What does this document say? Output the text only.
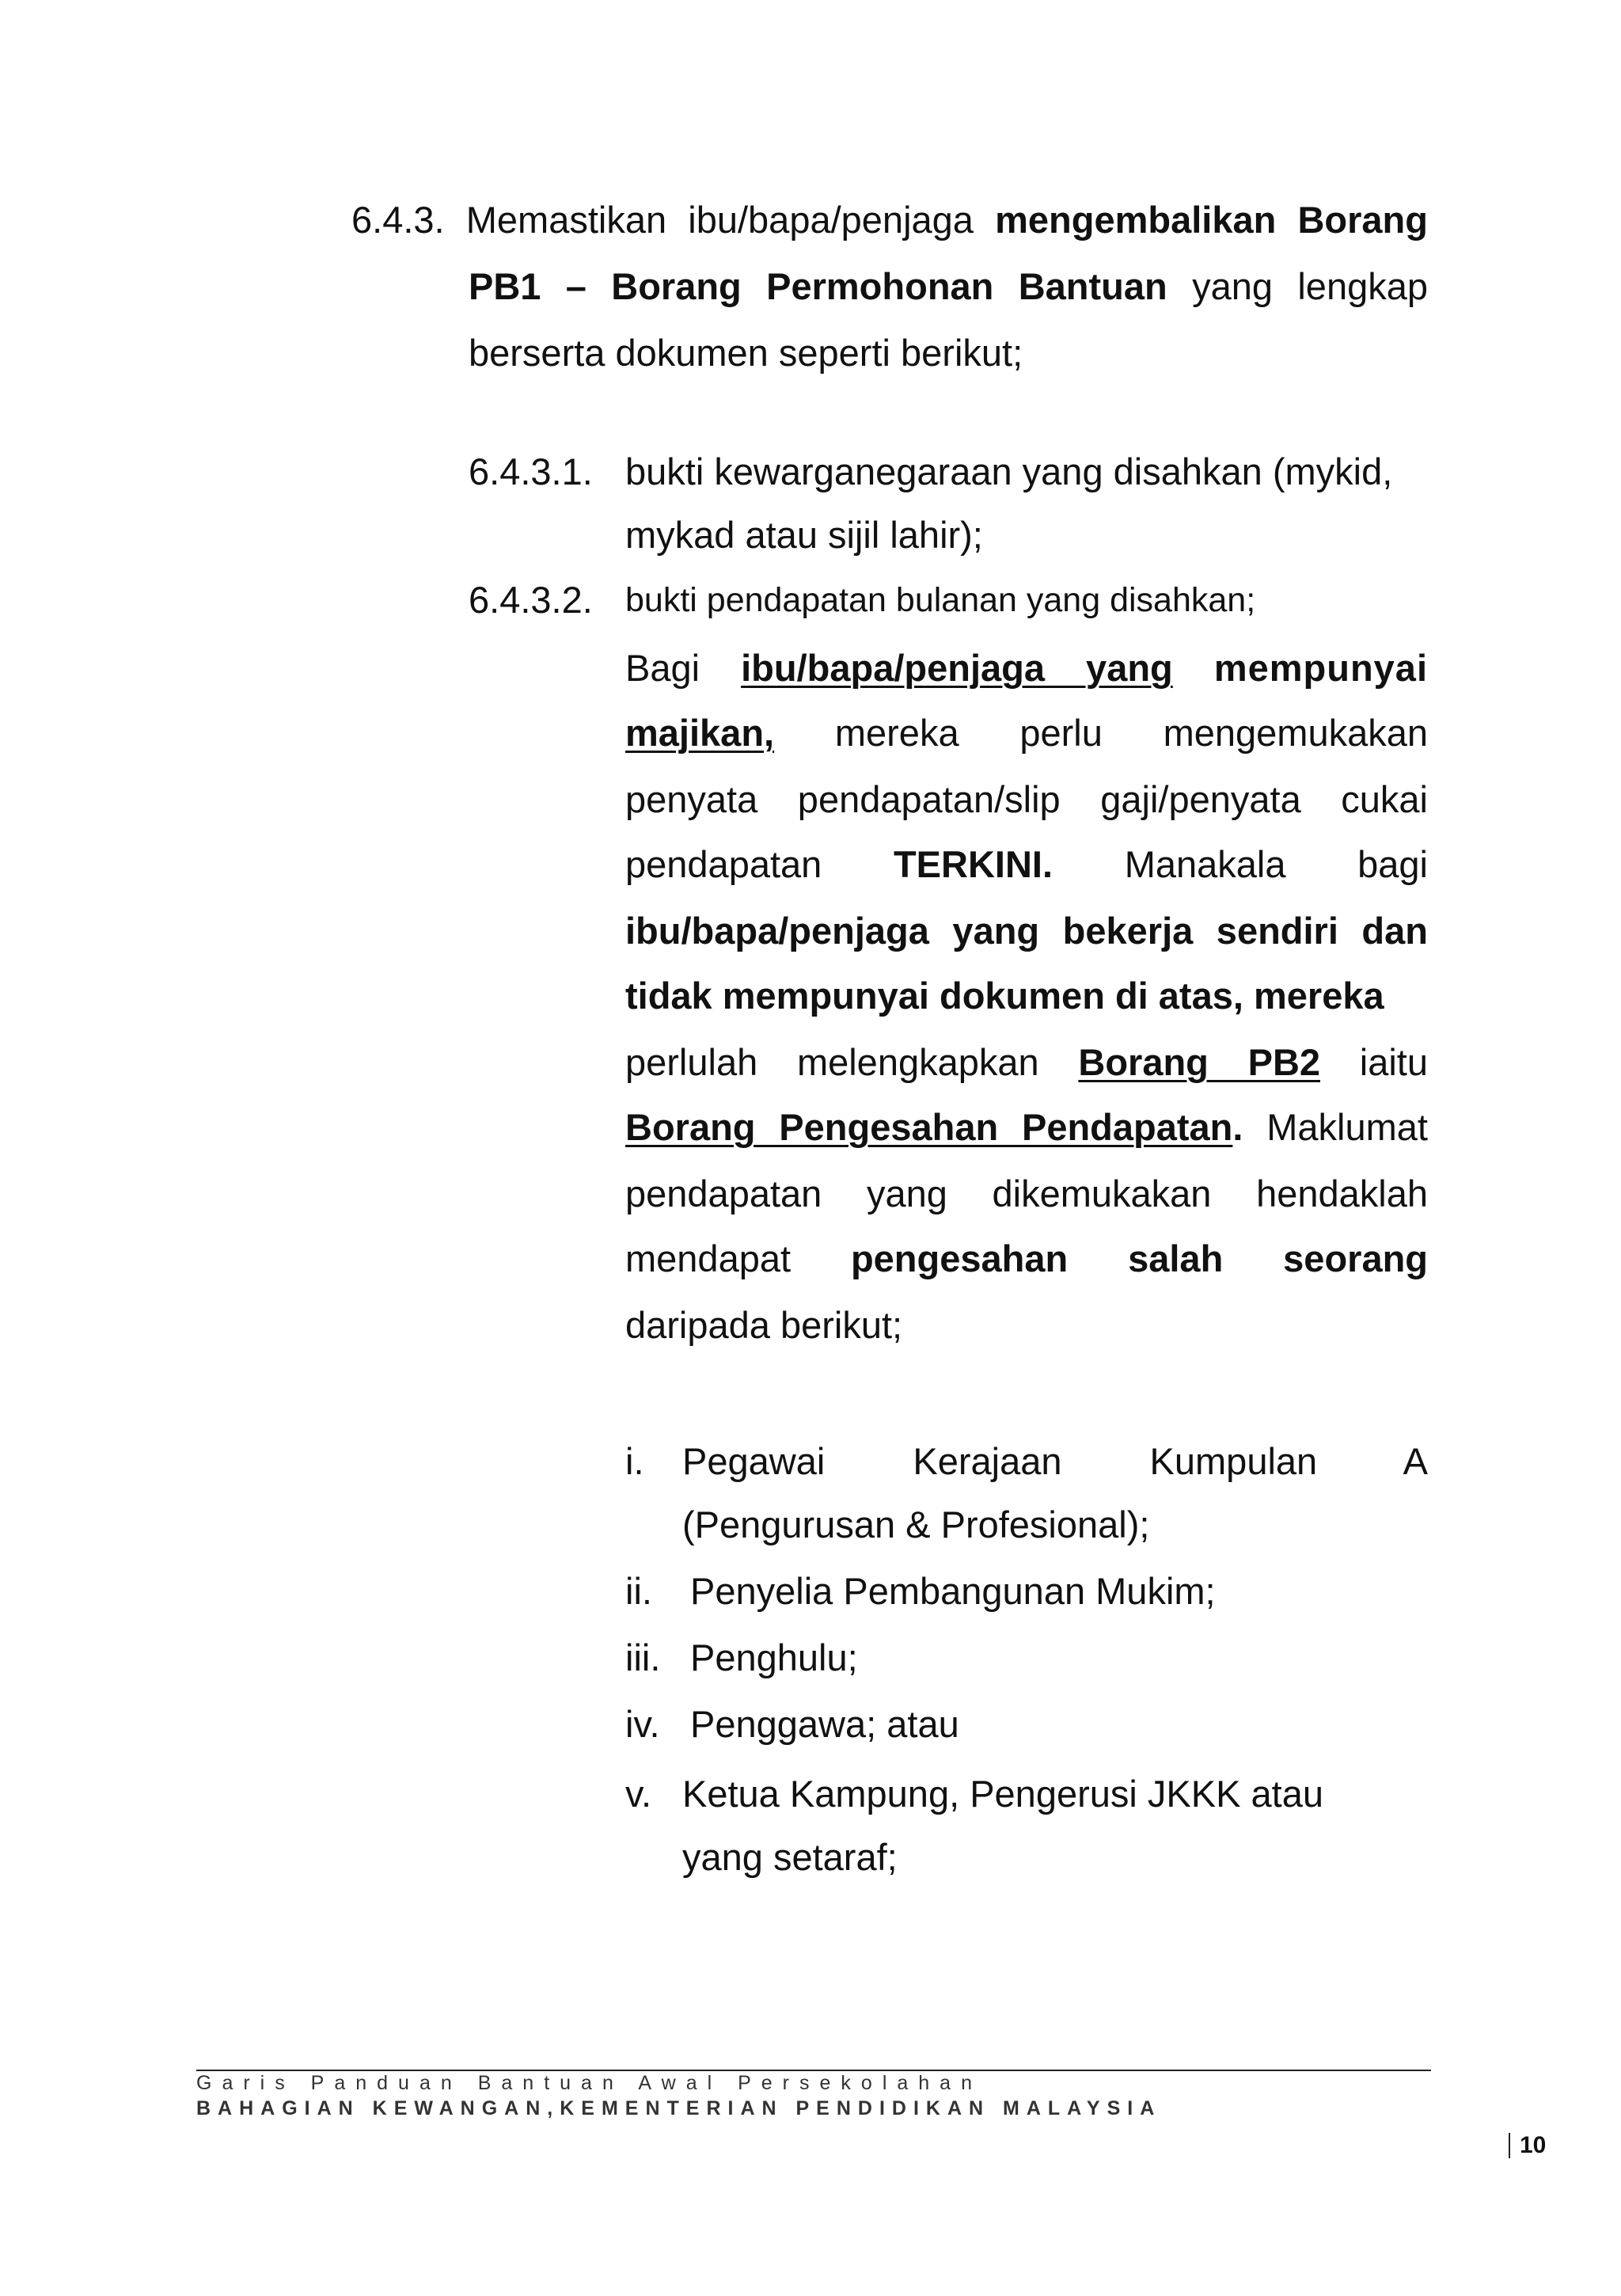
6.4.3. Memastikan ibu/bapa/penjaga mengembalikan Borang
PB1 – Borang Permohonan Bantuan yang lengkap
berserta dokumen seperti berikut;
6.4.3.1. bukti kewarganegaraan yang disahkan (mykid,
mykad atau sijil lahir);
6.4.3.2. bukti pendapatan bulanan yang disahkan;
Bagi ibu/bapa/penjaga yang mempunyai
majikan, mereka perlu mengemukakan
penyata pendapatan/slip gaji/penyata cukai
pendapatan TERKINI. Manakala bagi
ibu/bapa/penjaga yang bekerja sendiri dan
tidak mempunyai dokumen di atas, mereka
perlulah melengkapkan Borang PB2 iaitu
Borang Pengesahan Pendapatan. Maklumat
pendapatan yang dikemukakan hendaklah
mendapat pengesahan salah seorang
daripada berikut;
i. Pegawai Kerajaan Kumpulan A
(Pengurusan & Profesional);
ii. Penyelia Pembangunan Mukim;
iii. Penghulu;
iv. Penggawa; atau
v. Ketua Kampung, Pengerusi JKKK atau
yang setaraf;
Garis Panduan Bantuan Awal Persekolahan
BAHAGIAN KEWANGAN,KEMENTERIAN PENDIDIKAN MALAYSIA
10
